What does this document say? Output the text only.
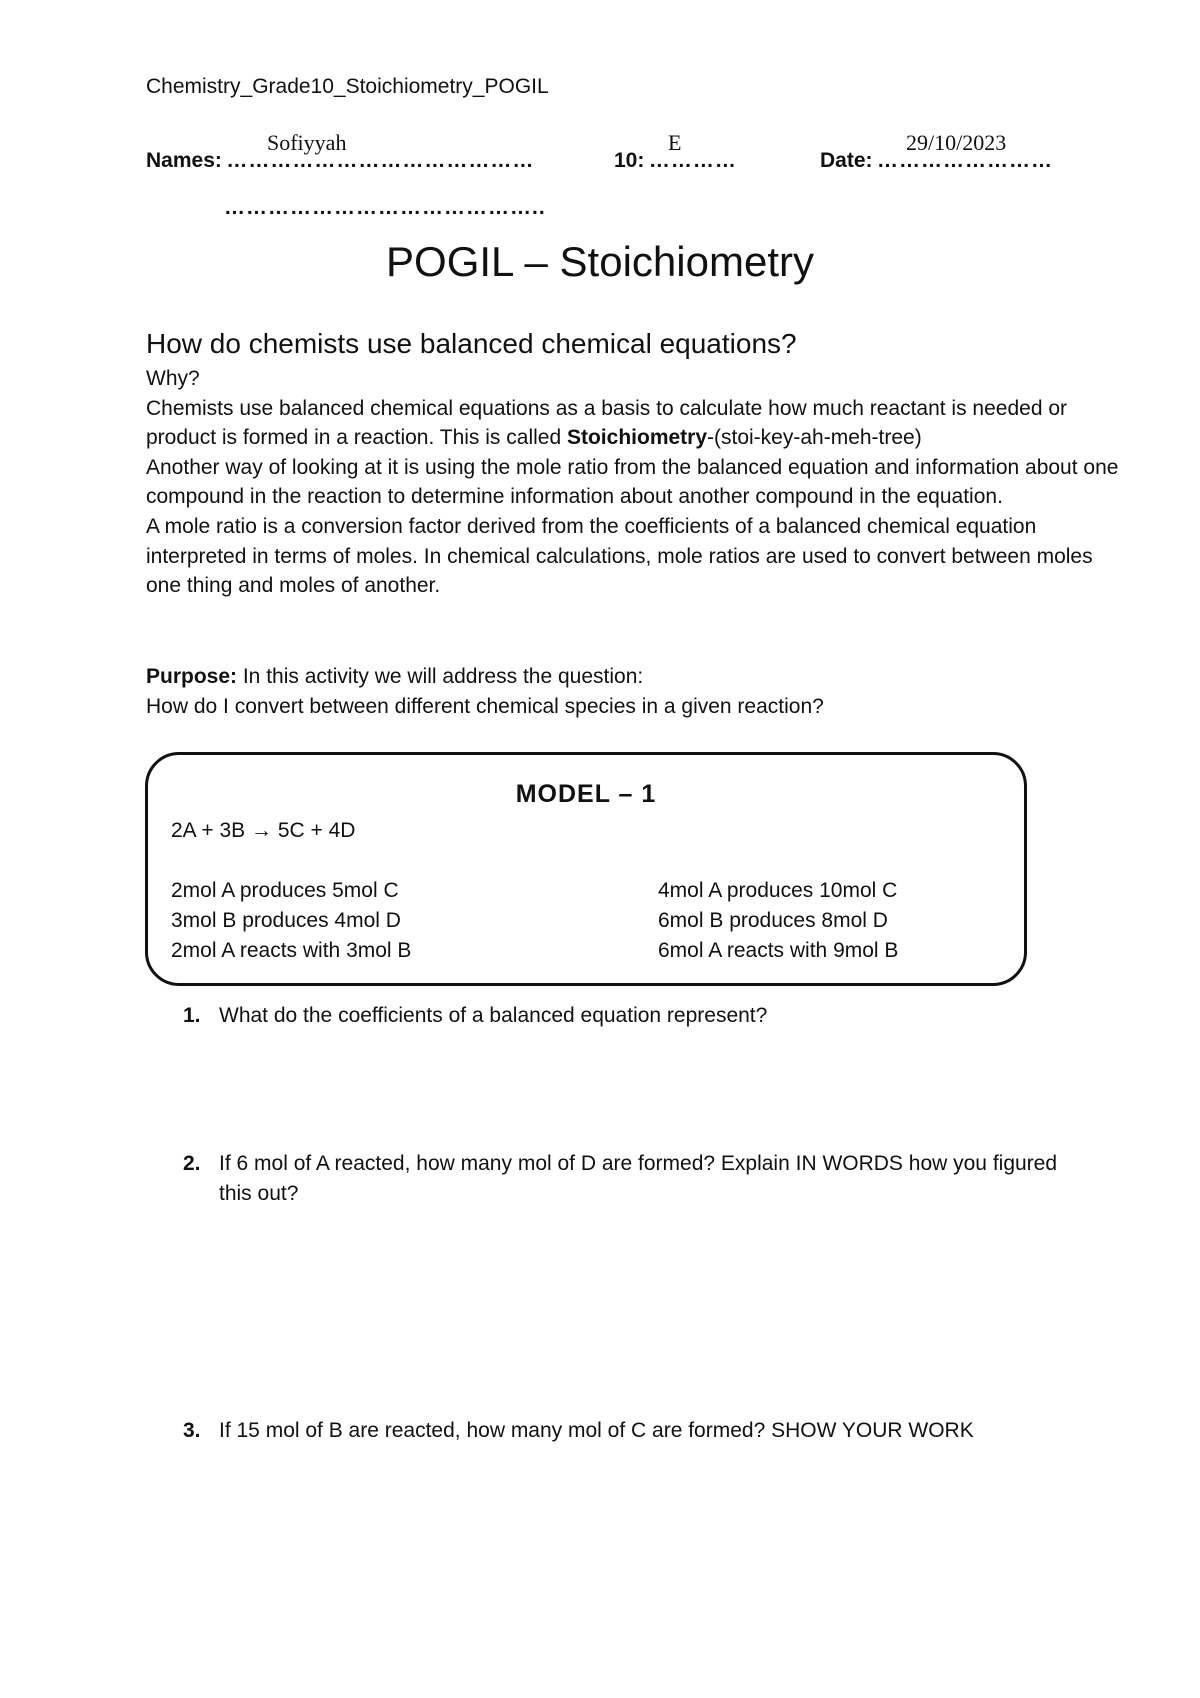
Chemistry_Grade10_Stoichiometry_POGIL
Sofiyyah
Names: ……………………………………
……………………………………..
E
10: …………
29/10/2023
Date: ……………………
POGIL – Stoichiometry
How do chemists use balanced chemical equations?

Why?

Chemists use balanced chemical equations as a basis to calculate how much reactant is needed or product is formed in a reaction. This is called Stoichiometry-(stoi-key-ah-meh-tree)

Another way of looking at it is using the mole ratio from the balanced equation and information about one compound in the reaction to determine information about another compound in the equation.

A mole ratio is a conversion factor derived from the coefficients of a balanced chemical equation interpreted in terms of moles. In chemical calculations, mole ratios are used to convert between moles one thing and moles of another.

Purpose: In this activity we will address the question:
How do I convert between different chemical species in a given reaction?
MODEL – 1
2A + 3B → 5C + 4D
2mol A produces 5mol C
3mol B produces 4mol D
2mol A reacts with 3mol B
4mol A produces 10mol C
6mol B produces 8mol D
6mol A reacts with 9mol B
1. What do the coefficients of a balanced equation represent?
2. If 6 mol of A reacted, how many mol of D are formed? Explain IN WORDS how you figured this out?
3. If 15 mol of B are reacted, how many mol of C are formed? SHOW YOUR WORK
